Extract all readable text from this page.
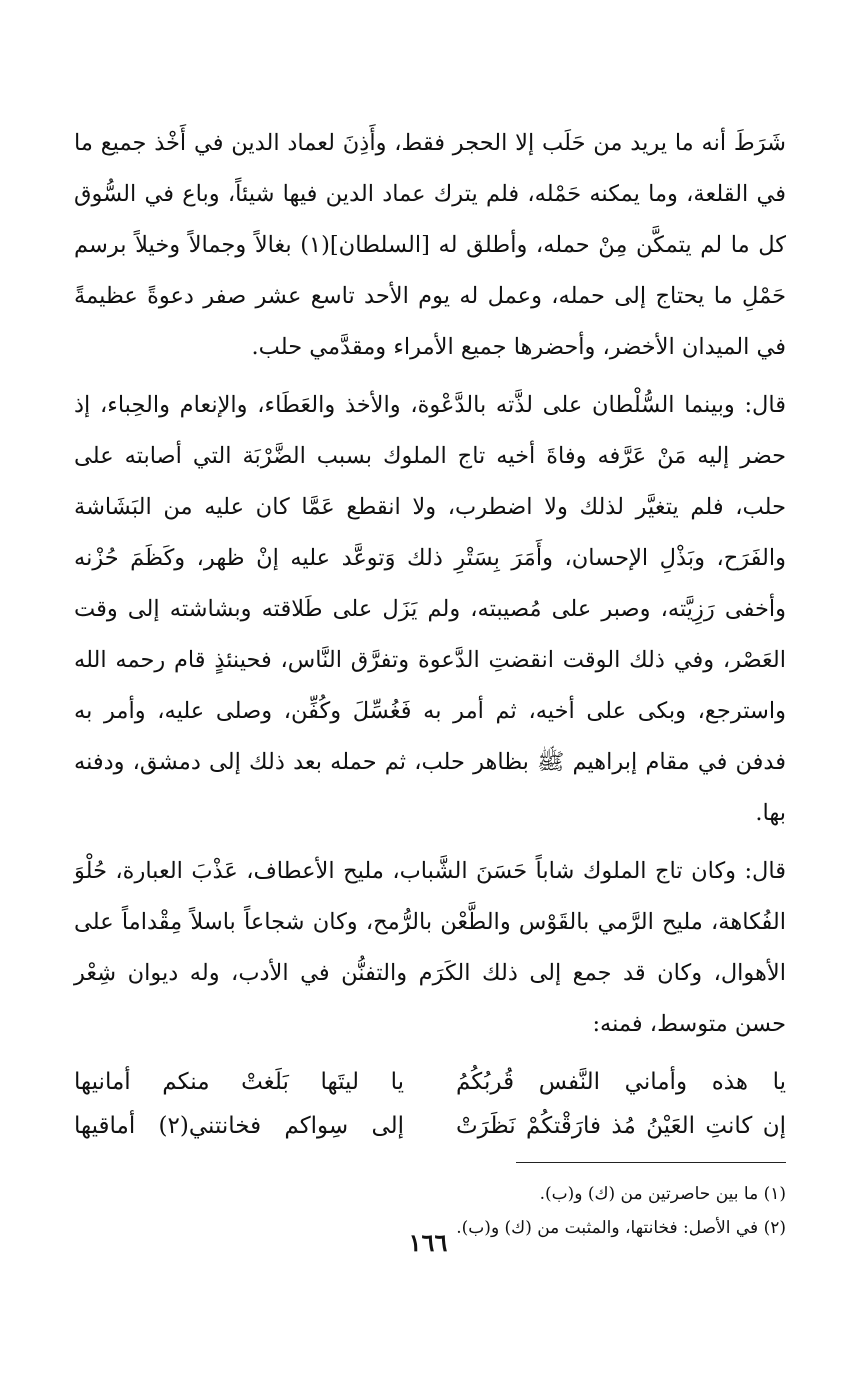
شَرَطَ أنه ما يريد من حَلَب إلا الحجر فقط، وأَذِنَ لعماد الدين في أَخْذ جميع ما في القلعة، وما يمكنه حَمْله، فلم يترك عماد الدين فيها شيئاً، وباع في السُّوق كل ما لم يتمكَّن مِنْ حمله، وأطلق له [السلطان](١) بغالاً وجمالاً وخيلاً برسم حَمْلِ ما يحتاج إلى حمله، وعمل له يوم الأحد تاسع عشر صفر دعوةً عظيمةً في الميدان الأخضر، وأحضرها جميع الأمراء ومقدَّمي حلب.

قال: وبينما السُّلْطان على لذَّته بالدَّعْوة، والأخذ والعَطَاء، والإنعام والحِباء، إذ حضر إليه مَنْ عَرَّفه وفاةَ أخيه تاج الملوك بسبب الضَّرْبَة التي أصابته على حلب، فلم يتغيَّر لذلك ولا اضطرب، ولا انقطع عَمَّا كان عليه من البَشَاشة والفَرَح، وبَذْلِ الإحسان، وأَمَرَ بِسَتْرِ ذلك وَتوعَّد عليه إنْ ظهر، وكَظَمَ حُزْنه وأخفى رَزِيَّته، وصبر على مُصيبته، ولم يَزَل على طَلاقته وبشاشته إلى وقت العَصْر، وفي ذلك الوقت انقضتِ الدَّعوة وتفرَّق النَّاس، فحينئذٍ قام رحمه الله واسترجع، وبكى على أخيه، ثم أمر به فَغُسِّلَ وكُفِّن، وصلى عليه، وأمر به فدفن في مقام إبراهيم ﷺ بظاهر حلب، ثم حمله بعد ذلك إلى دمشق، ودفنه بها.

قال: وكان تاج الملوك شاباً حَسَنَ الشَّباب، مليح الأعطاف، عَذْبَ العبارة، حُلْوَ الفُكاهة، مليح الرَّمي بالقَوْس والطَّعْن بالرُّمح، وكان شجاعاً باسلاً مِقْداماً على الأهوال، وكان قد جمع إلى ذلك الكَرَم والتفنُّن في الأدب، وله ديوان شِعْر حسن متوسط، فمنه:

يا هذه وأماني النَّفس قُربُكُمُ
يا ليتَها بَلَغتْ منكم أمانيها
إن كانتِ العَيْنُ مُذ فارَقْتكُمْ نَظَرَتْ
إلى سِواكم فخانتني(٢) أماقيها

(١) ما بين حاصرتين من (ك) و(ب).

(٢) في الأصل: فخانتها، والمثبت من (ك) و(ب).

١٦٦
